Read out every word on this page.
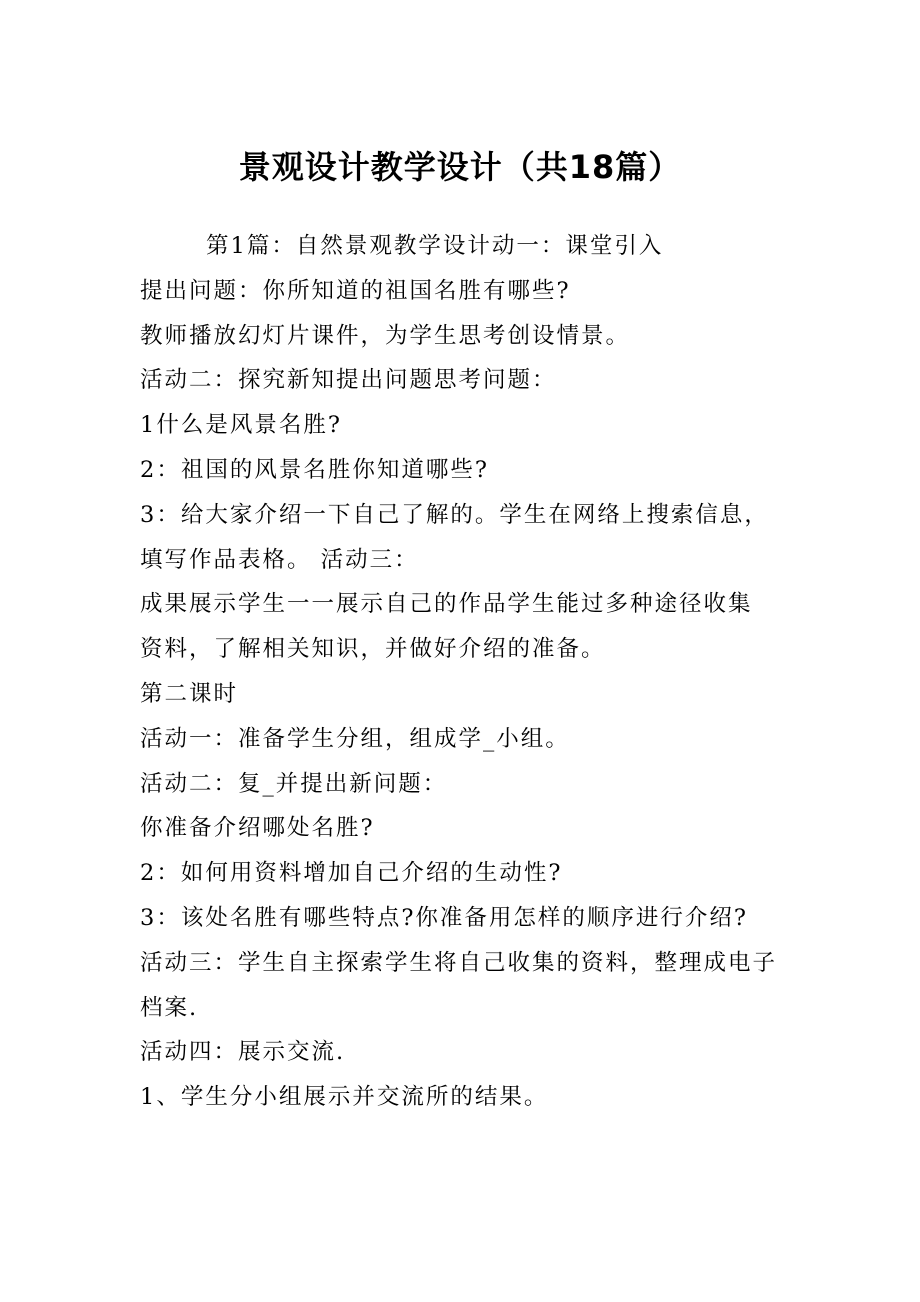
景观设计教学设计（共18篇）

第1篇：自然景观教学设计动一：课堂引入

提出问题：你所知道的祖国名胜有哪些?

教师播放幻灯片课件，为学生思考创设情景。

活动二：探究新知提出问题思考问题：

1什么是风景名胜?

2：祖国的风景名胜你知道哪些?

3：给大家介绍一下自己了解的。学生在网络上搜索信息，

填写作品表格。 活动三：

成果展示学生一一展示自己的作品学生能过多种途径收集

资料，了解相关知识，并做好介绍的准备。

第二课时

活动一：准备学生分组，组成学_小组。

活动二：复_并提出新问题：

你准备介绍哪处名胜?

2：如何用资料增加自己介绍的生动性?

3：该处名胜有哪些特点?你准备用怎样的顺序进行介绍?

活动三：学生自主探索学生将自己收集的资料，整理成电子

档案.

活动四：展示交流.

1、学生分小组展示并交流所的结果。
